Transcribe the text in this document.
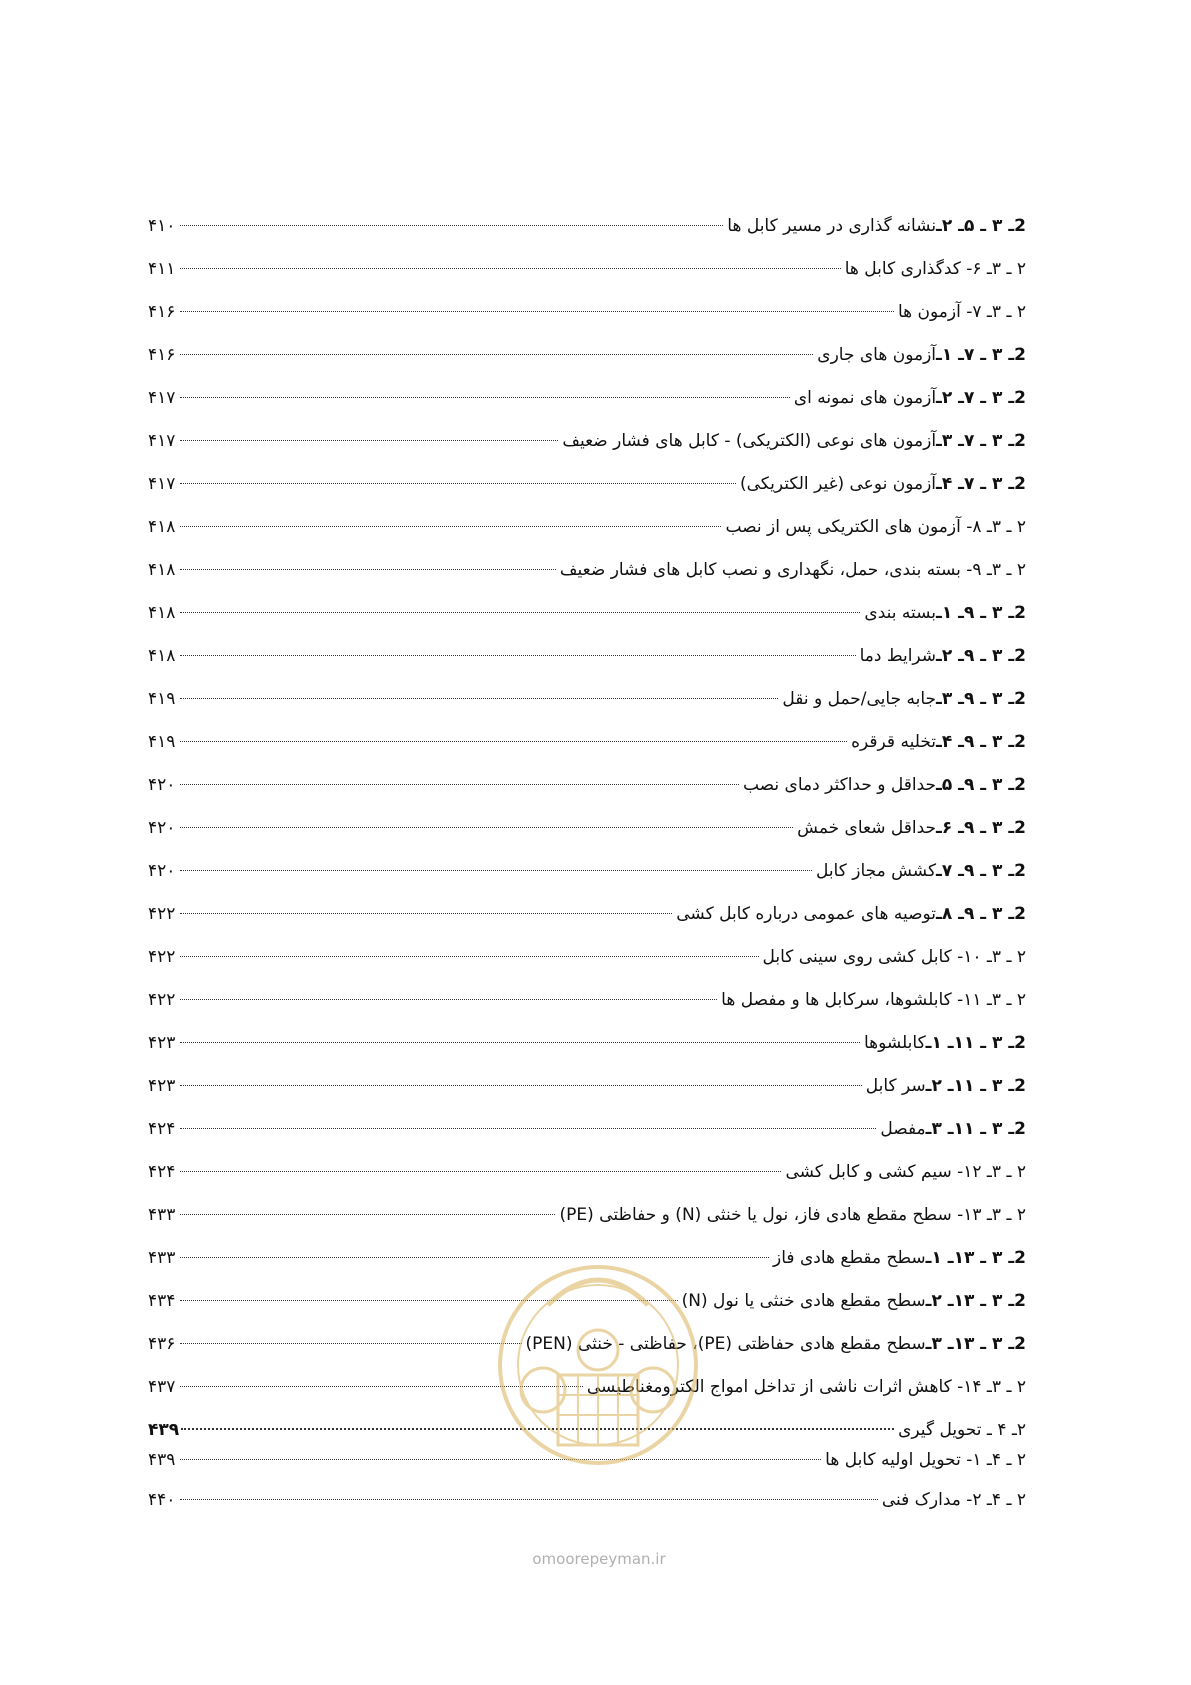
2ـ ۳ ـ ۵ـ ۲ـ
نشانه گذاری در مسیر کابل ها
۴۱۰
۲ ـ ۳ـ ۶- کدگذاری کابل ها
۴۱۱
۲ ـ ۳ـ ۷- آزمون ها
۴۱۶
2ـ ۳ ـ ۷ـ ۱ـ
آزمون های جاری
۴۱۶
2ـ ۳ ـ ۷ـ ۲ـ
آزمون های نمونه ای
۴۱۷
2ـ ۳ ـ ۷ـ ۳ـ
آزمون های نوعی (الکتریکی) - کابل های فشار ضعیف
۴۱۷
2ـ ۳ ـ ۷ـ ۴ـ
آزمون نوعی (غیر الکتریکی)
۴۱۷
۲ ـ ۳ـ ۸- آزمون های الکتریکی پس از نصب
۴۱۸
۲ ـ ۳ـ ۹- بسته بندی، حمل، نگهداری و نصب کابل های فشار ضعیف
۴۱۸
2ـ ۳ ـ ۹ـ ۱ـ
بسته بندی
۴۱۸
2ـ ۳ ـ ۹ـ ۲ـ
شرایط دما
۴۱۸
2ـ ۳ ـ ۹ـ ۳ـ
جابه جایی/حمل و نقل
۴۱۹
2ـ ۳ ـ ۹ـ ۴ـ
تخلیه قرقره
۴۱۹
2ـ ۳ ـ ۹ـ ۵ـ
حداقل و حداکثر دمای نصب
۴۲۰
2ـ ۳ ـ ۹ـ ۶ـ
حداقل شعای خمش
۴۲۰
2ـ ۳ ـ ۹ـ ۷ـ
کشش مجاز کابل
۴۲۰
2ـ ۳ ـ ۹ـ ۸ـ
توصیه های عمومی درباره کابل کشی
۴۲۲
۲ ـ ۳ـ ۱۰- کابل کشی روی سینی کابل
۴۲۲
۲ ـ ۳ـ ۱۱- کابلشوها، سرکابل ها و مفصل ها
۴۲۲
2ـ ۳ ـ ۱۱ـ ۱ـ
کابلشوها
۴۲۳
2ـ ۳ ـ ۱۱ـ ۲ـ
سر کابل
۴۲۳
2ـ ۳ ـ ۱۱ـ ۳ـ
مفصل
۴۲۴
۲ ـ ۳ـ ۱۲- سیم کشی و کابل کشی
۴۲۴
۲ ـ ۳ـ ۱۳- سطح مقطع هادی فاز، نول یا خنثی (N) و حفاظتی (PE)
۴۳۳
2ـ ۳ ـ ۱۳ـ ۱ـ
سطح مقطع هادی فاز
۴۳۳
2ـ ۳ ـ ۱۳ـ ۲ـ
سطح مقطع هادی خنثی یا نول (N)
۴۳۴
2ـ ۳ ـ ۱۳ـ ۳ـ
سطح مقطع هادی حفاظتی (PE)، حفاظتی - خنثی (PEN)
۴۳۶
۲ ـ ۳ـ ۱۴- کاهش اثرات ناشی از تداخل امواج الکترومغناطیسی
۴۳۷
۲ـ ۴ ـ تحویل گیری
۴۳۹
۲ ـ ۴ـ ۱- تحویل اولیه کابل ها
۴۳۹
۲ ـ ۴ـ ۲- مدارک فنی
۴۴۰
omoorepeyman.ir
